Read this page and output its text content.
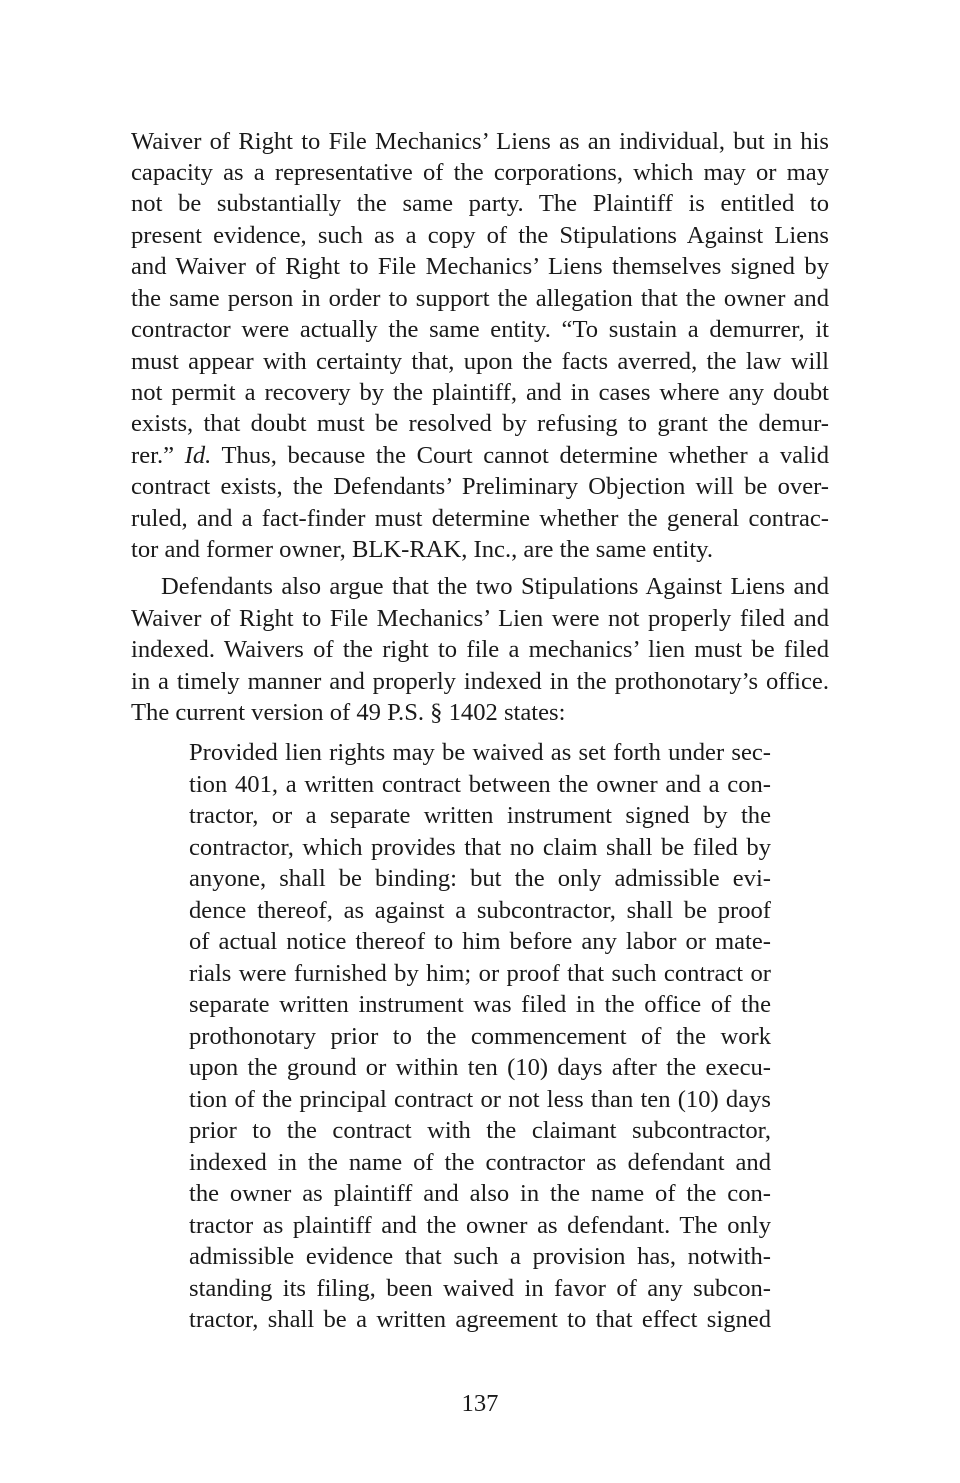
Waiver of Right to File Mechanics’ Liens as an individual, but in his
capacity as a representative of the corporations, which may or may
not be substantially the same party. The Plaintiff is entitled to
present evidence, such as a copy of the Stipulations Against Liens
and Waiver of Right to File Mechanics’ Liens themselves signed by
the same person in order to support the allegation that the owner and
contractor were actually the same entity. “To sustain a demurrer, it
must appear with certainty that, upon the facts averred, the law will
not permit a recovery by the plaintiff, and in cases where any doubt
exists, that doubt must be resolved by refusing to grant the demur-
rer.” Id. Thus, because the Court cannot determine whether a valid
contract exists, the Defendants’ Preliminary Objection will be over-
ruled, and a fact-finder must determine whether the general contrac-
tor and former owner, BLK-RAK, Inc., are the same entity.
Defendants also argue that the two Stipulations Against Liens and
Waiver of Right to File Mechanics’ Lien were not properly filed and
indexed. Waivers of the right to file a mechanics’ lien must be filed
in a timely manner and properly indexed in the prothonotary’s office.
The current version of 49 P.S. § 1402 states:
Provided lien rights may be waived as set forth under sec-
tion 401, a written contract between the owner and a con-
tractor, or a separate written instrument signed by the
contractor, which provides that no claim shall be filed by
anyone, shall be binding: but the only admissible evi-
dence thereof, as against a subcontractor, shall be proof
of actual notice thereof to him before any labor or mate-
rials were furnished by him; or proof that such contract or
separate written instrument was filed in the office of the
prothonotary prior to the commencement of the work
upon the ground or within ten (10) days after the execu-
tion of the principal contract or not less than ten (10) days
prior to the contract with the claimant subcontractor,
indexed in the name of the contractor as defendant and
the owner as plaintiff and also in the name of the con-
tractor as plaintiff and the owner as defendant. The only
admissible evidence that such a provision has, notwith-
standing its filing, been waived in favor of any subcon-
tractor, shall be a written agreement to that effect signed
137
